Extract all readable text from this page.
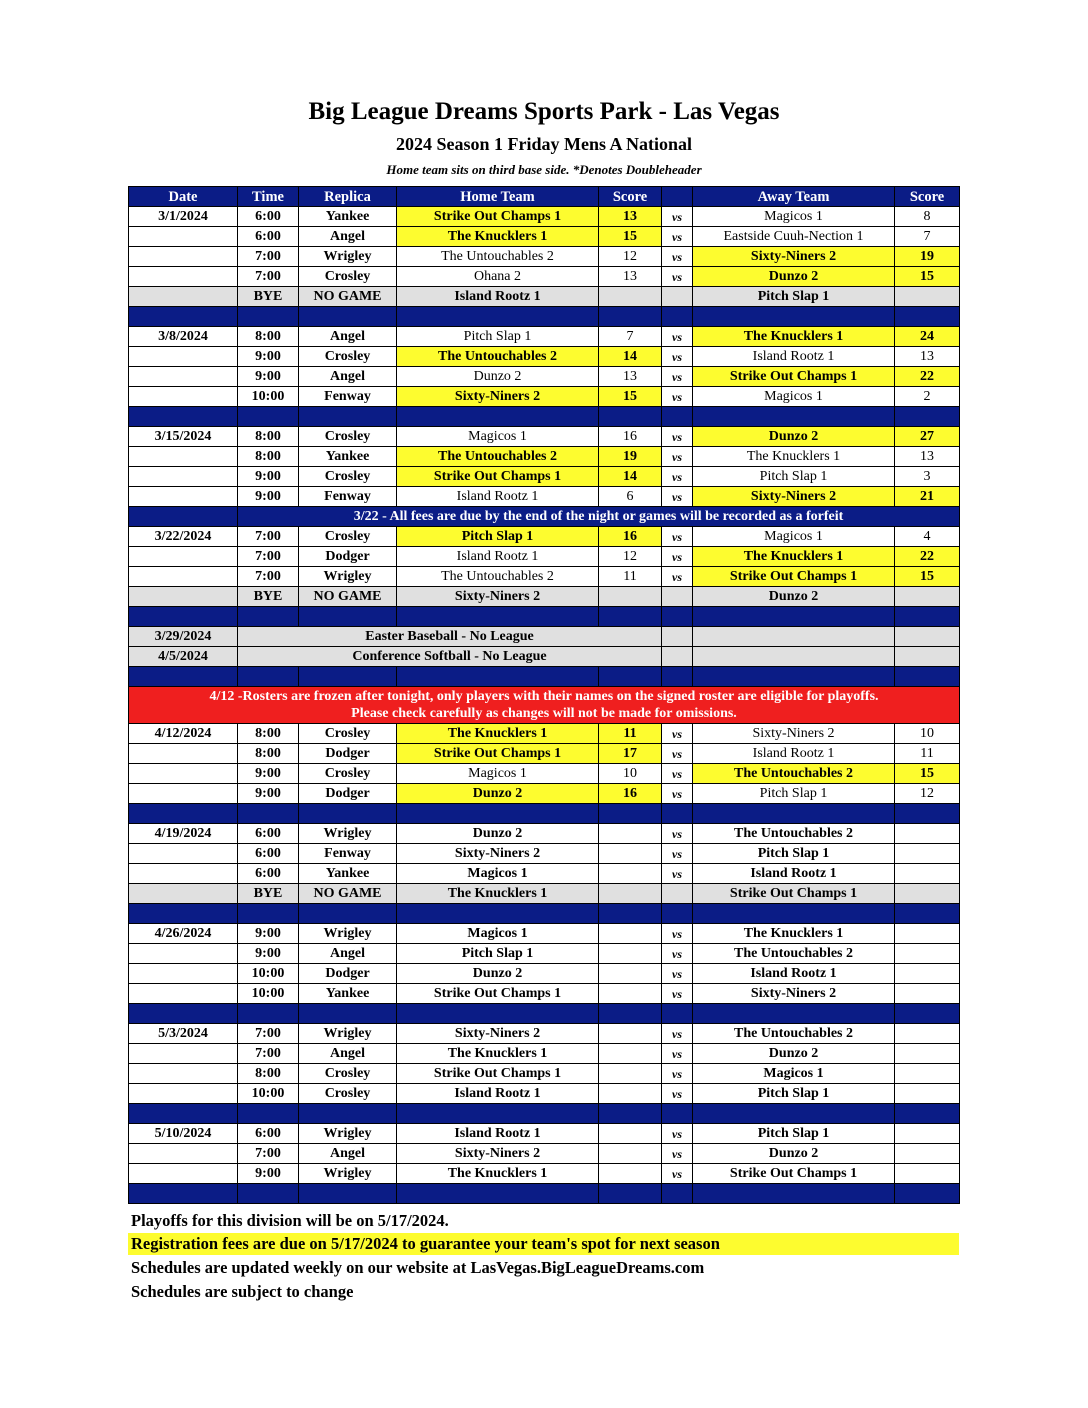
Big League Dreams Sports Park - Las Vegas
2024 Season 1 Friday Mens A National
Home team sits on third base side. *Denotes Doubleheader
Date	Time	Replica	Home Team	Score		Away Team	Score
3/1/2024	6:00	Yankee	Strike Out Champs 1	13	vs	Magicos 1	8
	6:00	Angel	The Knucklers 1	15	vs	Eastside Cuuh-Nection 1	7
	7:00	Wrigley	The Untouchables 2	12	vs	Sixty-Niners 2	19
	7:00	Crosley	Ohana 2	13	vs	Dunzo 2	15
	BYE	NO GAME	Island Rootz 1			Pitch Slap 1	

3/8/2024	8:00	Angel	Pitch Slap 1	7	vs	The Knucklers 1	24
	9:00	Crosley	The Untouchables 2	14	vs	Island Rootz 1	13
	9:00	Angel	Dunzo 2	13	vs	Strike Out Champs 1	22
	10:00	Fenway	Sixty-Niners 2	15	vs	Magicos 1	2

3/15/2024	8:00	Crosley	Magicos 1	16	vs	Dunzo 2	27
	8:00	Yankee	The Untouchables 2	19	vs	The Knucklers 1	13
	9:00	Crosley	Strike Out Champs 1	14	vs	Pitch Slap 1	3
	9:00	Fenway	Island Rootz 1	6	vs	Sixty-Niners 2	21
	3/22 - All fees are due by the end of the night or games will be recorded as a forfeit						
3/22/2024	7:00	Crosley	Pitch Slap 1	16	vs	Magicos 1	4
	7:00	Dodger	Island Rootz 1	12	vs	The Knucklers 1	22
	7:00	Wrigley	The Untouchables 2	11	vs	Strike Out Champs 1	15
	BYE	NO GAME	Sixty-Niners 2			Dunzo 2	

3/29/2024	Easter Baseball - No League						
4/5/2024	Conference Softball - No League						

4/12 -Rosters are frozen after tonight, only players with their names on the signed roster are eligible for playoffs.
Please check carefully as changes will not be made for omissions.							

4/12/2024	8:00	Crosley	The Knucklers 1	11	vs	Sixty-Niners 2	10
	8:00	Dodger	Strike Out Champs 1	17	vs	Island Rootz 1	11
	9:00	Crosley	Magicos 1	10	vs	The Untouchables 2	15
	9:00	Dodger	Dunzo 2	16	vs	Pitch Slap 1	12

4/19/2024	6:00	Wrigley	Dunzo 2		vs	The Untouchables 2	
	6:00	Fenway	Sixty-Niners 2		vs	Pitch Slap 1	
	6:00	Yankee	Magicos 1		vs	Island Rootz 1	
	BYE	NO GAME	The Knucklers 1			Strike Out Champs 1	

4/26/2024	9:00	Wrigley	Magicos 1		vs	The Knucklers 1	
	9:00	Angel	Pitch Slap 1		vs	The Untouchables 2	
	10:00	Dodger	Dunzo 2		vs	Island Rootz 1	
	10:00	Yankee	Strike Out Champs 1		vs	Sixty-Niners 2	

5/3/2024	7:00	Wrigley	Sixty-Niners 2		vs	The Untouchables 2	
	7:00	Angel	The Knucklers 1		vs	Dunzo 2	
	8:00	Crosley	Strike Out Champs 1		vs	Magicos 1	
	10:00	Crosley	Island Rootz 1		vs	Pitch Slap 1	

5/10/2024	6:00	Wrigley	Island Rootz 1		vs	Pitch Slap 1	
	7:00	Angel	Sixty-Niners 2		vs	Dunzo 2	
	9:00	Wrigley	The Knucklers 1		vs	Strike Out Champs 1	

Playoffs for this division will be on 5/17/2024.
Registration fees are due on 5/17/2024 to guarantee your team's spot for next season
Schedules are updated weekly on our website at LasVegas.BigLeagueDreams.com
Schedules are subject to change
